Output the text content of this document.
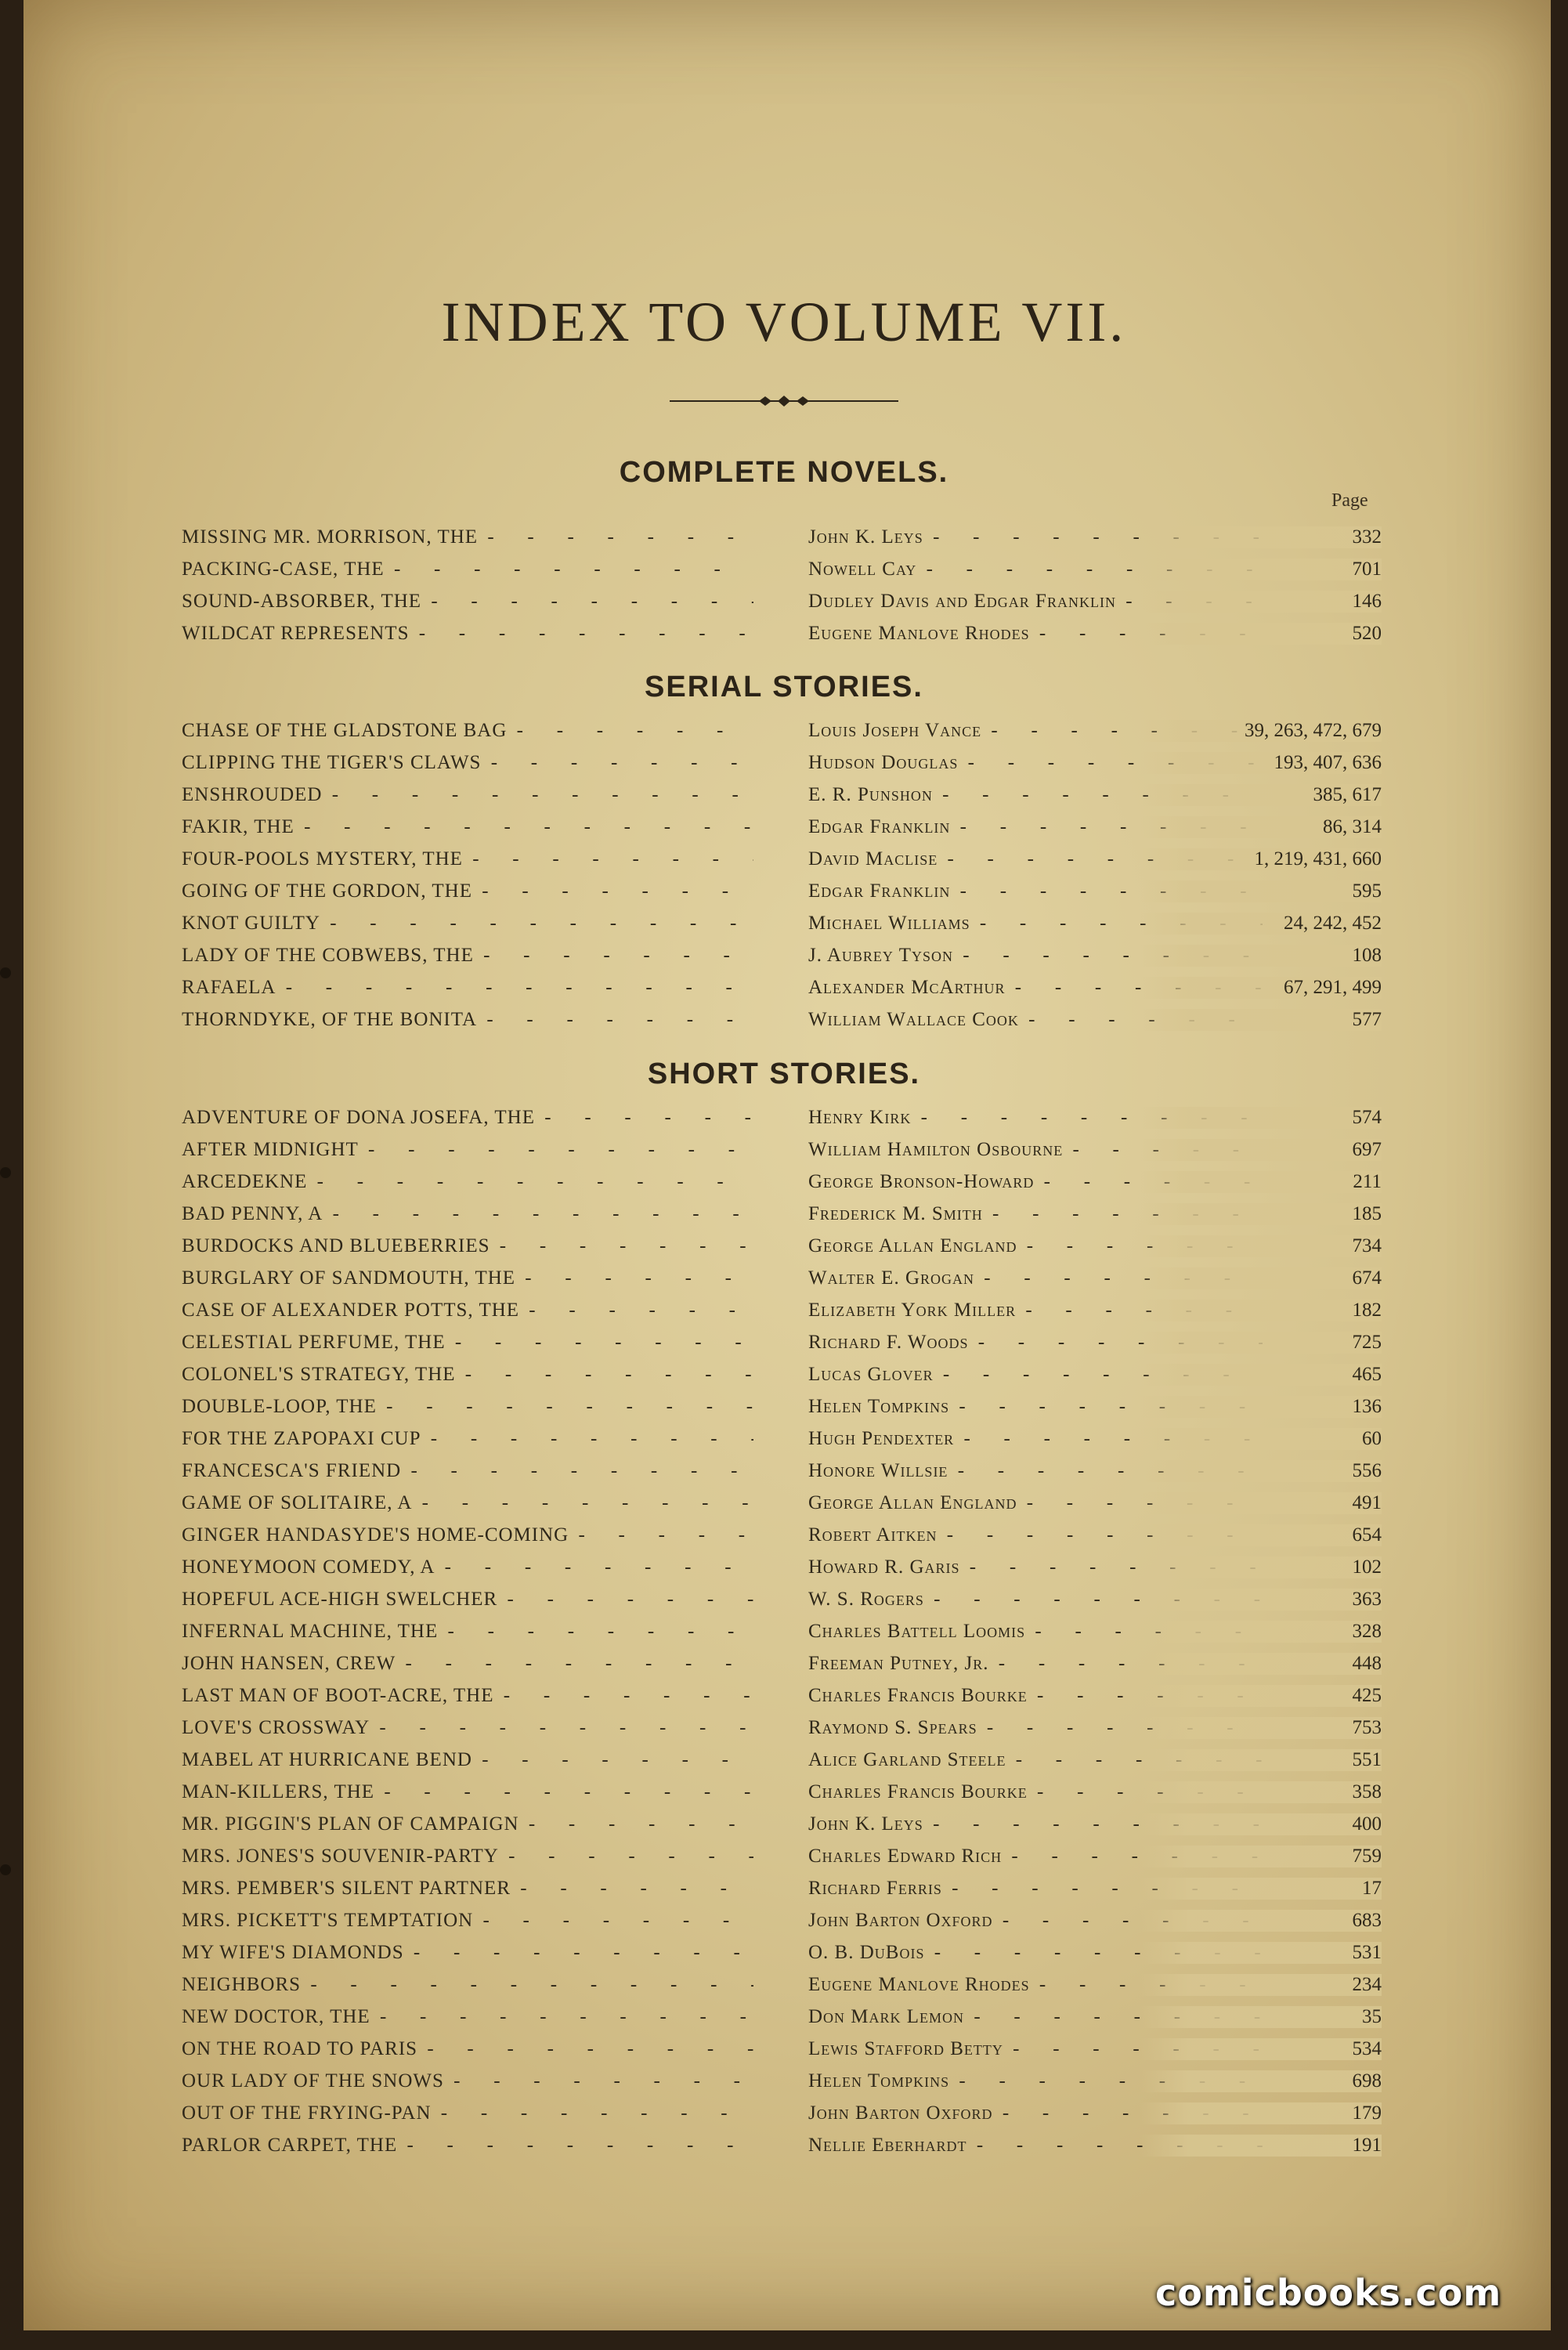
INDEX TO VOLUME VII.
COMPLETE NOVELS.
Page
MISSING MR. MORRISON, THE - -	John K. Leys - -	332
PACKING-CASE, THE - -	Nowell Cay - -	701
SOUND-ABSORBER, THE - -	Dudley Davis and Edgar Franklin - -	146
WILDCAT REPRESENTS - -	Eugene Manlove Rhodes - -	520
SERIAL STORIES.
CHASE OF THE GLADSTONE BAG - -	Louis Joseph Vance - -	39, 263, 472, 679
CLIPPING THE TIGER'S CLAWS - -	Hudson Douglas - -	193, 407, 636
ENSHROUDED - -	E. R. Punshon - -	385, 617
FAKIR, THE - -	Edgar Franklin - -	86, 314
FOUR-POOLS MYSTERY, THE - -	David Maclise - -	1, 219, 431, 660
GOING OF THE GORDON, THE - -	Edgar Franklin - -	595
KNOT GUILTY - -	Michael Williams - -	24, 242, 452
LADY OF THE COBWEBS, THE - -	J. Aubrey Tyson - -	108
RAFAELA - -	Alexander McArthur - -	67, 291, 499
THORNDYKE, OF THE BONITA - -	William Wallace Cook - -	577
SHORT STORIES.
ADVENTURE OF DONA JOSEFA, THE - -	Henry Kirk - -	574
AFTER MIDNIGHT - -	William Hamilton Osbourne - -	697
ARCEDEKNE - -	George Bronson-Howard - -	211
BAD PENNY, A - -	Frederick M. Smith - -	185
BURDOCKS AND BLUEBERRIES - -	George Allan England - -	734
BURGLARY OF SANDMOUTH, THE - -	Walter E. Grogan - -	674
CASE OF ALEXANDER POTTS, THE - -	Elizabeth York Miller - -	182
CELESTIAL PERFUME, THE - -	Richard F. Woods - -	725
COLONEL'S STRATEGY, THE - -	Lucas Glover - -	465
DOUBLE-LOOP, THE - -	Helen Tompkins - -	136
FOR THE ZAPOPAXI CUP - -	Hugh Pendexter - -	60
FRANCESCA'S FRIEND - -	Honore Willsie - -	556
GAME OF SOLITAIRE, A - -	George Allan England - -	491
GINGER HANDASYDE'S HOME-COMING - -	Robert Aitken - -	654
HONEYMOON COMEDY, A - -	Howard R. Garis - -	102
HOPEFUL ACE-HIGH SWELCHER - -	W. S. Rogers - -	363
INFERNAL MACHINE, THE - -	Charles Battell Loomis - -	328
JOHN HANSEN, CREW - -	Freeman Putney, Jr. - -	448
LAST MAN OF BOOT-ACRE, THE - -	Charles Francis Bourke - -	425
LOVE'S CROSSWAY - -	Raymond S. Spears - -	753
MABEL AT HURRICANE BEND - -	Alice Garland Steele - -	551
MAN-KILLERS, THE - -	Charles Francis Bourke - -	358
MR. PIGGIN'S PLAN OF CAMPAIGN - -	John K. Leys - -	400
MRS. JONES'S SOUVENIR-PARTY - -	Charles Edward Rich - -	759
MRS. PEMBER'S SILENT PARTNER - -	Richard Ferris - -	17
MRS. PICKETT'S TEMPTATION - -	John Barton Oxford - -	683
MY WIFE'S DIAMONDS - -	O. B. DuBois - -	531
NEIGHBORS - -	Eugene Manlove Rhodes - -	234
NEW DOCTOR, THE - -	Don Mark Lemon - -	35
ON THE ROAD TO PARIS - -	Lewis Stafford Betty - -	534
OUR LADY OF THE SNOWS - -	Helen Tompkins - -	698
OUT OF THE FRYING-PAN - -	John Barton Oxford - -	179
PARLOR CARPET, THE - -	Nellie Eberhardt - -	191
comicbooks.com
